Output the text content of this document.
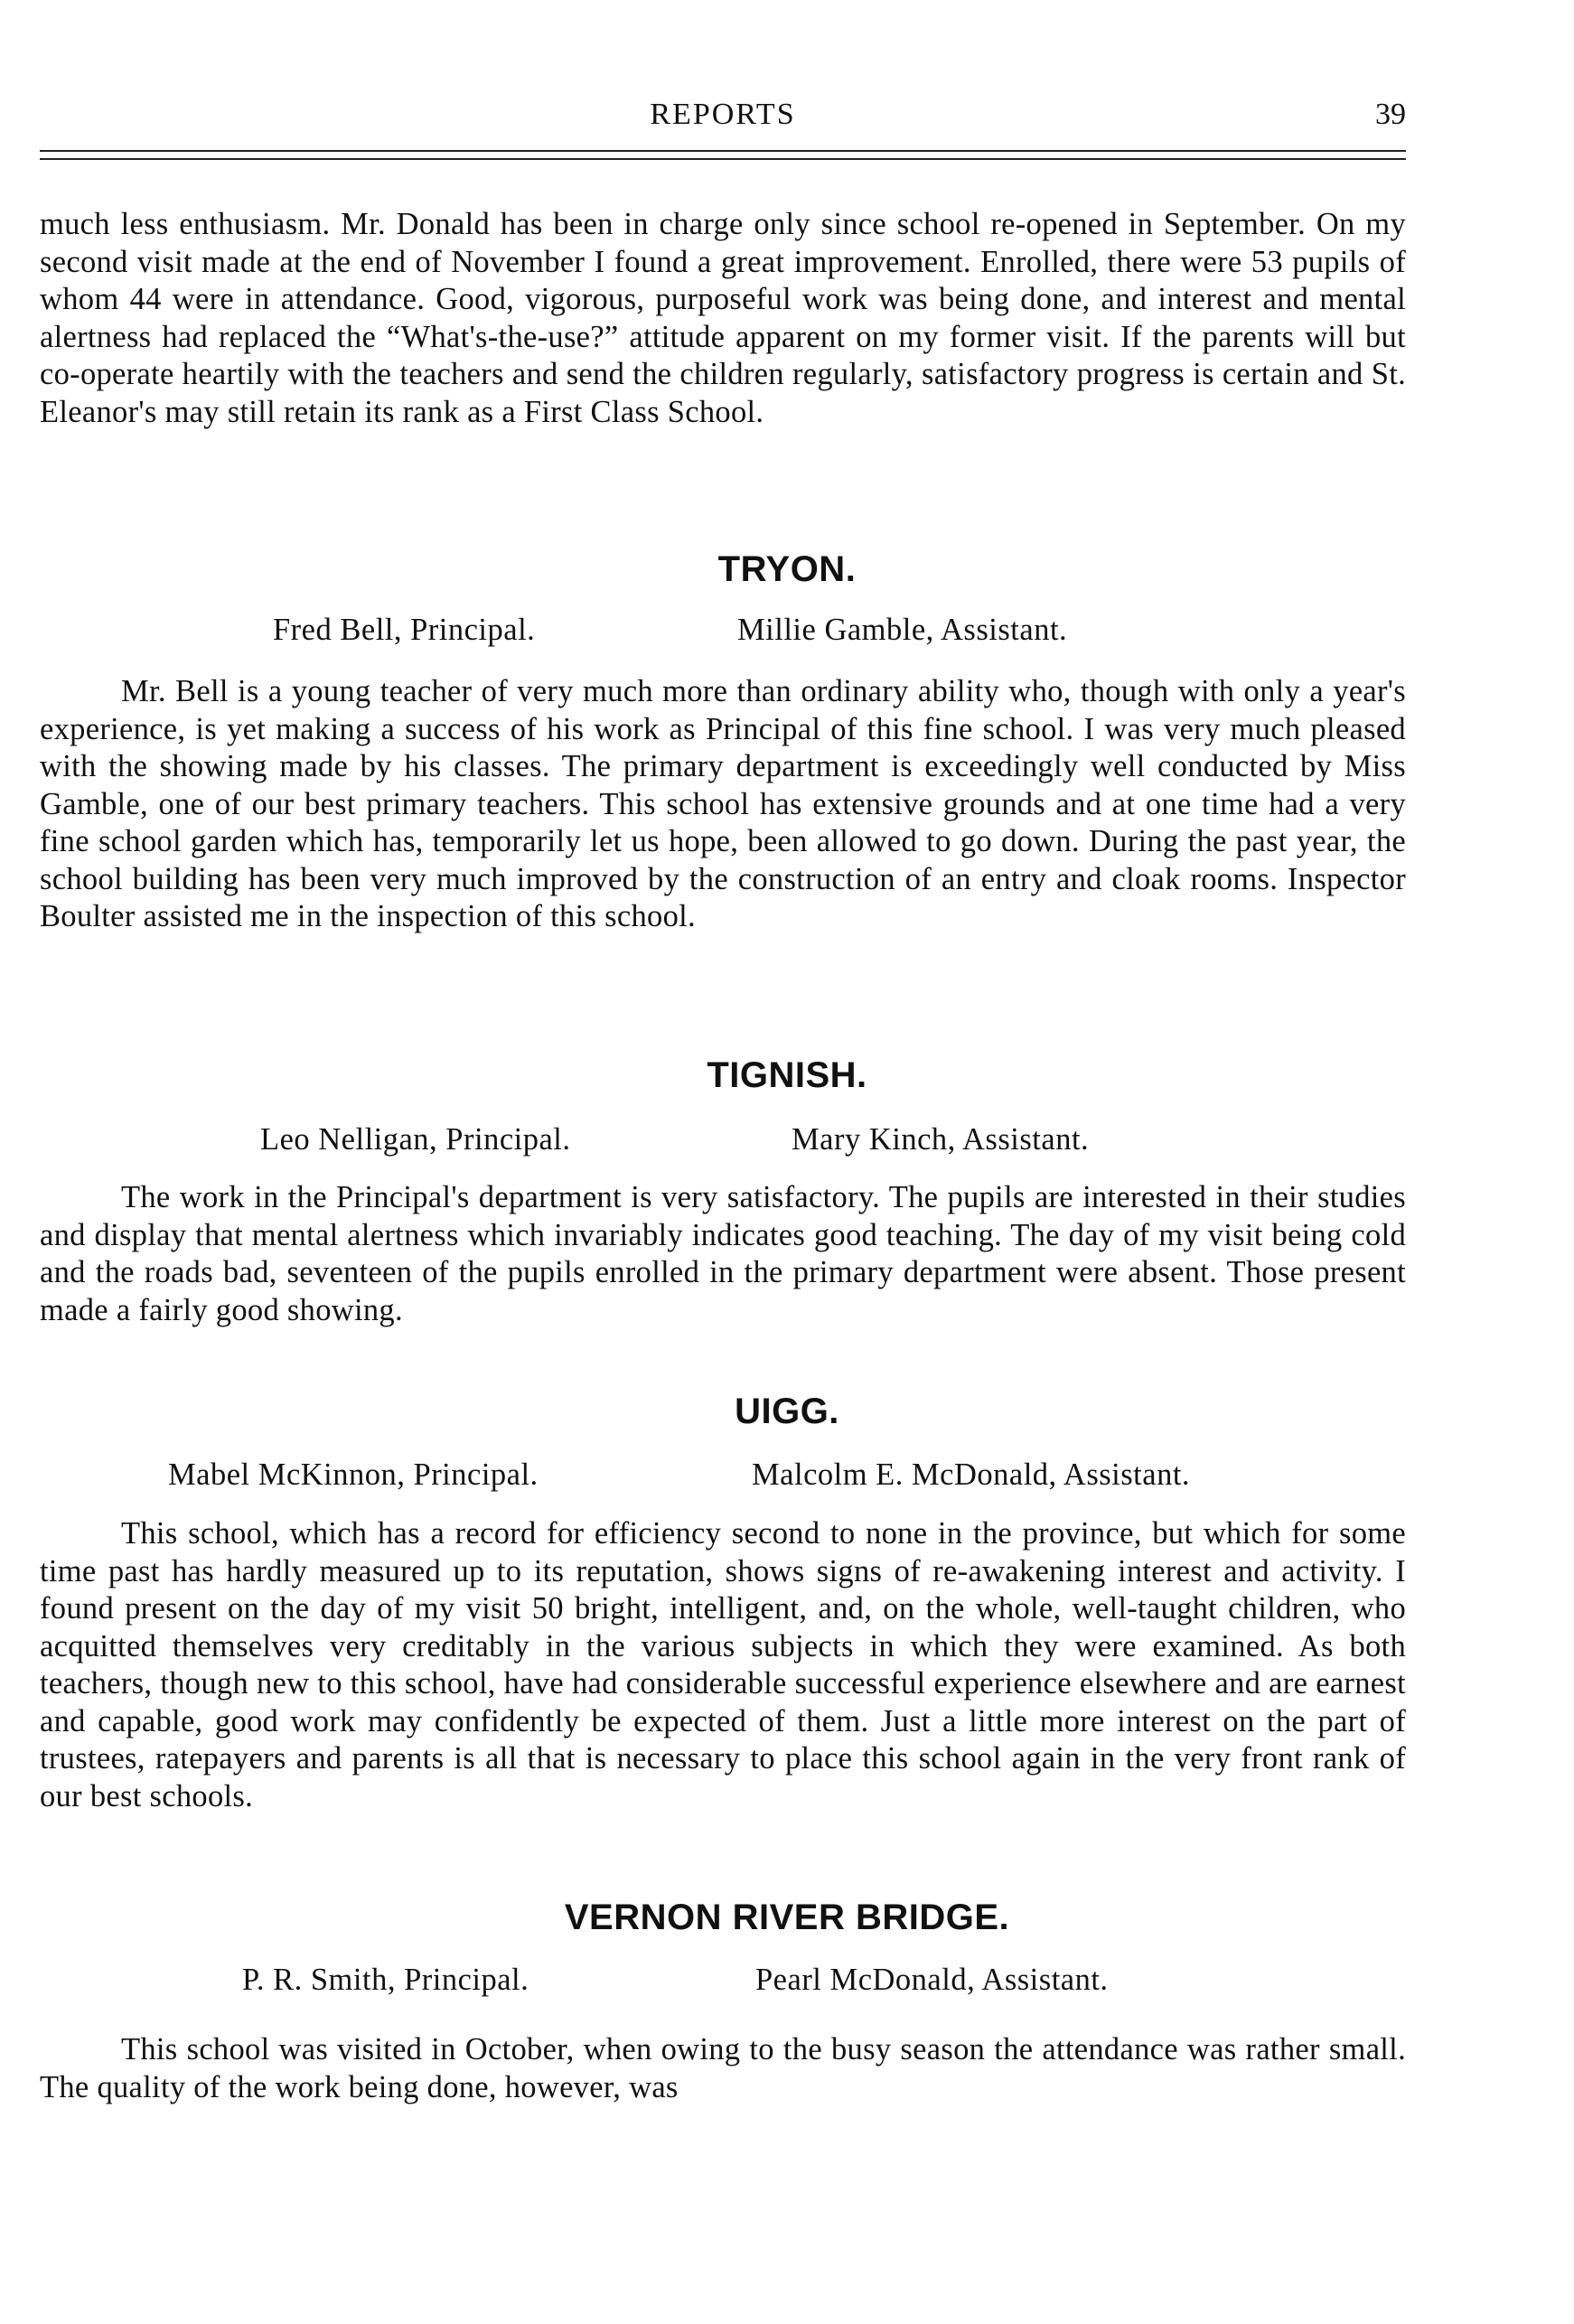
REPORTS	39

much less enthusiasm. Mr. Donald has been in charge only since school re-opened in September. On my second visit made at the end of November I found a great improvement. Enrolled, there were 53 pupils of whom 44 were in attendance. Good, vigorous, purposeful work was being done, and interest and mental alertness had replaced the “What's-the-use?” attitude apparent on my former visit. If the parents will but co-operate heartily with the teachers and send the children regularly, satisfactory progress is certain and St. Eleanor's may still retain its rank as a First Class School.

TRYON.
Fred Bell, Principal.	Millie Gamble, Assistant.

Mr. Bell is a young teacher of very much more than ordinary ability who, though with only a year's experience, is yet making a success of his work as Principal of this fine school. I was very much pleased with the showing made by his classes. The primary department is exceedingly well conducted by Miss Gamble, one of our best primary teachers. This school has extensive grounds and at one time had a very fine school garden which has, temporarily let us hope, been allowed to go down. During the past year, the school building has been very much improved by the construction of an entry and cloak rooms. Inspector Boulter assisted me in the inspection of this school.

TIGNISH.
Leo Nelligan, Principal.	Mary Kinch, Assistant.

The work in the Principal's department is very satisfactory. The pupils are interested in their studies and display that mental alertness which invariably indicates good teaching. The day of my visit being cold and the roads bad, seventeen of the pupils enrolled in the primary department were absent. Those present made a fairly good showing.

UIGG.
Mabel McKinnon, Principal.	Malcolm E. McDonald, Assistant.

This school, which has a record for efficiency second to none in the province, but which for some time past has hardly measured up to its reputation, shows signs of re-awakening interest and activity. I found present on the day of my visit 50 bright, intelligent, and, on the whole, well-taught children, who acquitted themselves very creditably in the various subjects in which they were examined. As both teachers, though new to this school, have had considerable successful experience elsewhere and are earnest and capable, good work may confidently be expected of them. Just a little more interest on the part of trustees, ratepayers and parents is all that is necessary to place this school again in the very front rank of our best schools.

VERNON RIVER BRIDGE.
P. R. Smith, Principal.	Pearl McDonald, Assistant.

This school was visited in October, when owing to the busy season the attendance was rather small. The quality of the work being done, however, was
